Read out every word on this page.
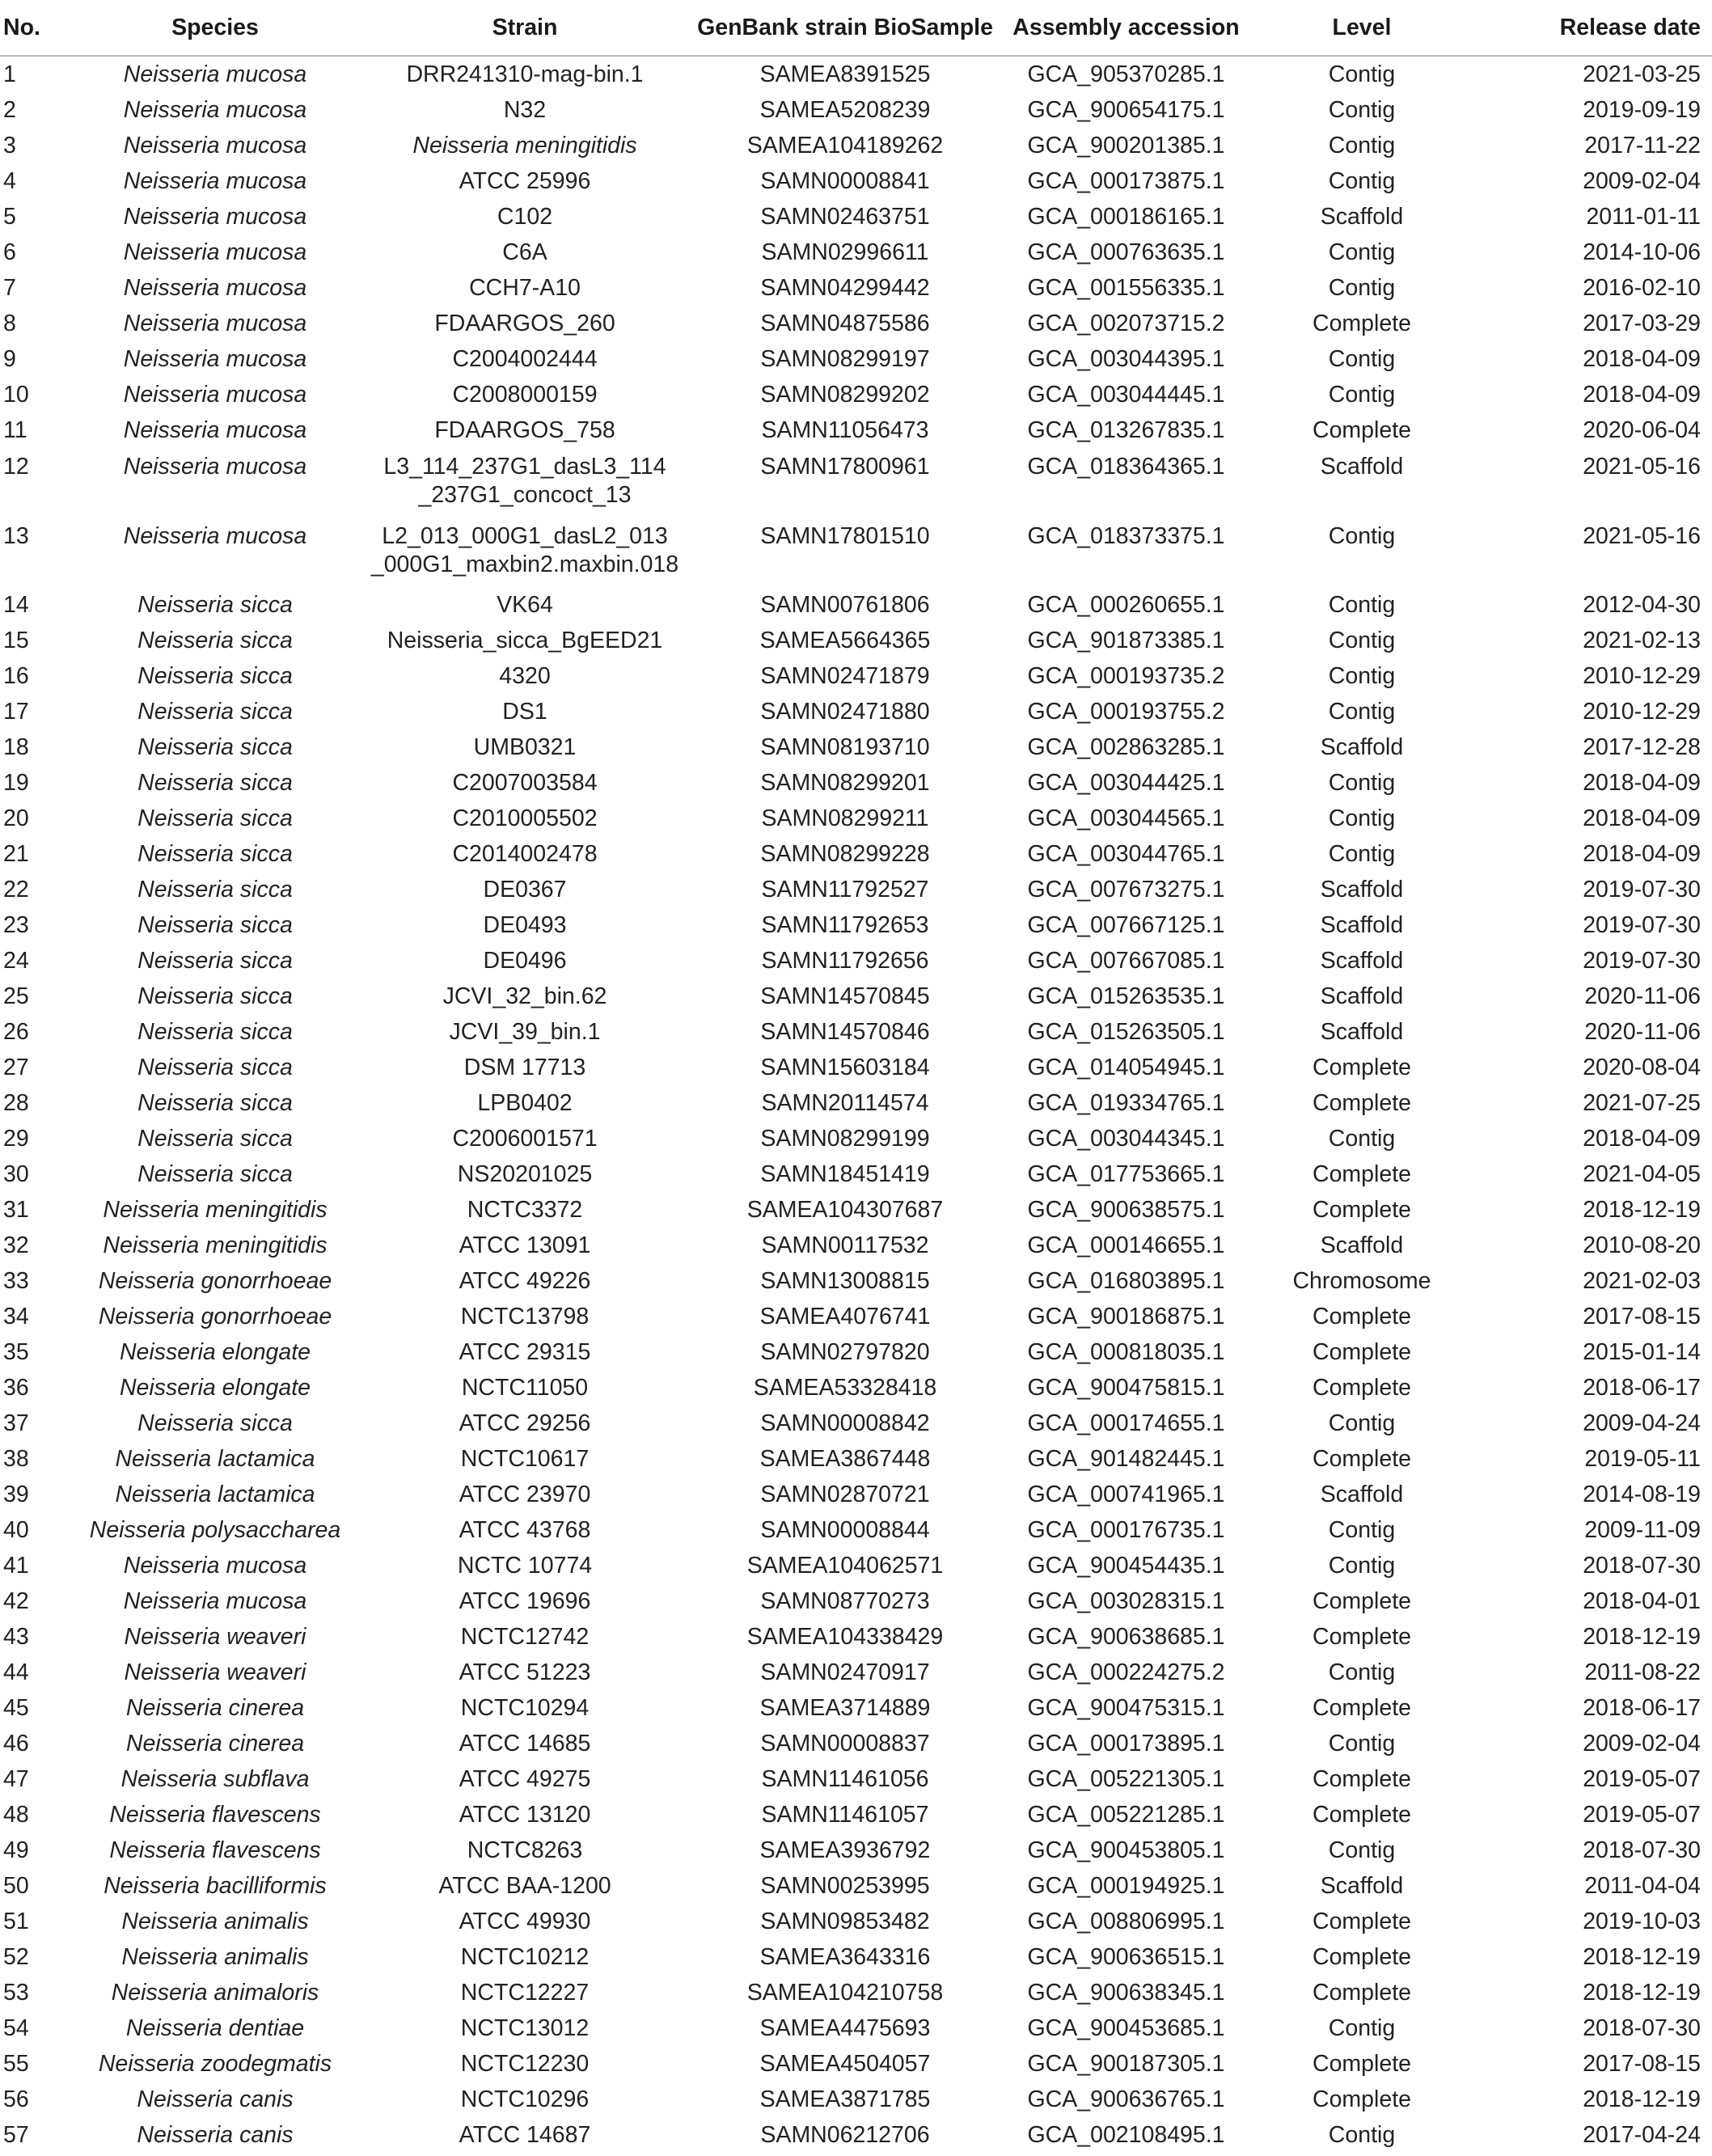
No.	Species	Strain	GenBank strain BioSample	Assembly accession	Level	Release date
1	Neisseria mucosa	DRR241310-mag-bin.1	SAMEA8391525	GCA_905370285.1	Contig	2021-03-25
2	Neisseria mucosa	N32	SAMEA5208239	GCA_900654175.1	Contig	2019-09-19
3	Neisseria mucosa	Neisseria meningitidis	SAMEA104189262	GCA_900201385.1	Contig	2017-11-22
4	Neisseria mucosa	ATCC 25996	SAMN00008841	GCA_000173875.1	Contig	2009-02-04
5	Neisseria mucosa	C102	SAMN02463751	GCA_000186165.1	Scaffold	2011-01-11
6	Neisseria mucosa	C6A	SAMN02996611	GCA_000763635.1	Contig	2014-10-06
7	Neisseria mucosa	CCH7-A10	SAMN04299442	GCA_001556335.1	Contig	2016-02-10
8	Neisseria mucosa	FDAARGOS_260	SAMN04875586	GCA_002073715.2	Complete	2017-03-29
9	Neisseria mucosa	C2004002444	SAMN08299197	GCA_003044395.1	Contig	2018-04-09
10	Neisseria mucosa	C2008000159	SAMN08299202	GCA_003044445.1	Contig	2018-04-09
11	Neisseria mucosa	FDAARGOS_758	SAMN11056473	GCA_013267835.1	Complete	2020-06-04
12	Neisseria mucosa	L3_114_237G1_dasL3_114 _237G1_concoct_13	SAMN17800961	GCA_018364365.1	Scaffold	2021-05-16
13	Neisseria mucosa	L2_013_000G1_dasL2_013 _000G1_maxbin2.maxbin.018	SAMN17801510	GCA_018373375.1	Contig	2021-05-16
14	Neisseria sicca	VK64	SAMN00761806	GCA_000260655.1	Contig	2012-04-30
15	Neisseria sicca	Neisseria_sicca_BgEED21	SAMEA5664365	GCA_901873385.1	Contig	2021-02-13
16	Neisseria sicca	4320	SAMN02471879	GCA_000193735.2	Contig	2010-12-29
17	Neisseria sicca	DS1	SAMN02471880	GCA_000193755.2	Contig	2010-12-29
18	Neisseria sicca	UMB0321	SAMN08193710	GCA_002863285.1	Scaffold	2017-12-28
19	Neisseria sicca	C2007003584	SAMN08299201	GCA_003044425.1	Contig	2018-04-09
20	Neisseria sicca	C2010005502	SAMN08299211	GCA_003044565.1	Contig	2018-04-09
21	Neisseria sicca	C2014002478	SAMN08299228	GCA_003044765.1	Contig	2018-04-09
22	Neisseria sicca	DE0367	SAMN11792527	GCA_007673275.1	Scaffold	2019-07-30
23	Neisseria sicca	DE0493	SAMN11792653	GCA_007667125.1	Scaffold	2019-07-30
24	Neisseria sicca	DE0496	SAMN11792656	GCA_007667085.1	Scaffold	2019-07-30
25	Neisseria sicca	JCVI_32_bin.62	SAMN14570845	GCA_015263535.1	Scaffold	2020-11-06
26	Neisseria sicca	JCVI_39_bin.1	SAMN14570846	GCA_015263505.1	Scaffold	2020-11-06
27	Neisseria sicca	DSM 17713	SAMN15603184	GCA_014054945.1	Complete	2020-08-04
28	Neisseria sicca	LPB0402	SAMN20114574	GCA_019334765.1	Complete	2021-07-25
29	Neisseria sicca	C2006001571	SAMN08299199	GCA_003044345.1	Contig	2018-04-09
30	Neisseria sicca	NS20201025	SAMN18451419	GCA_017753665.1	Complete	2021-04-05
31	Neisseria meningitidis	NCTC3372	SAMEA104307687	GCA_900638575.1	Complete	2018-12-19
32	Neisseria meningitidis	ATCC 13091	SAMN00117532	GCA_000146655.1	Scaffold	2010-08-20
33	Neisseria gonorrhoeae	ATCC 49226	SAMN13008815	GCA_016803895.1	Chromosome	2021-02-03
34	Neisseria gonorrhoeae	NCTC13798	SAMEA4076741	GCA_900186875.1	Complete	2017-08-15
35	Neisseria elongate	ATCC 29315	SAMN02797820	GCA_000818035.1	Complete	2015-01-14
36	Neisseria elongate	NCTC11050	SAMEA53328418	GCA_900475815.1	Complete	2018-06-17
37	Neisseria sicca	ATCC 29256	SAMN00008842	GCA_000174655.1	Contig	2009-04-24
38	Neisseria lactamica	NCTC10617	SAMEA3867448	GCA_901482445.1	Complete	2019-05-11
39	Neisseria lactamica	ATCC 23970	SAMN02870721	GCA_000741965.1	Scaffold	2014-08-19
40	Neisseria polysaccharea	ATCC 43768	SAMN00008844	GCA_000176735.1	Contig	2009-11-09
41	Neisseria mucosa	NCTC 10774	SAMEA104062571	GCA_900454435.1	Contig	2018-07-30
42	Neisseria mucosa	ATCC 19696	SAMN08770273	GCA_003028315.1	Complete	2018-04-01
43	Neisseria weaveri	NCTC12742	SAMEA104338429	GCA_900638685.1	Complete	2018-12-19
44	Neisseria weaveri	ATCC 51223	SAMN02470917	GCA_000224275.2	Contig	2011-08-22
45	Neisseria cinerea	NCTC10294	SAMEA3714889	GCA_900475315.1	Complete	2018-06-17
46	Neisseria cinerea	ATCC 14685	SAMN00008837	GCA_000173895.1	Contig	2009-02-04
47	Neisseria subflava	ATCC 49275	SAMN11461056	GCA_005221305.1	Complete	2019-05-07
48	Neisseria flavescens	ATCC 13120	SAMN11461057	GCA_005221285.1	Complete	2019-05-07
49	Neisseria flavescens	NCTC8263	SAMEA3936792	GCA_900453805.1	Contig	2018-07-30
50	Neisseria bacilliformis	ATCC BAA-1200	SAMN00253995	GCA_000194925.1	Scaffold	2011-04-04
51	Neisseria animalis	ATCC 49930	SAMN09853482	GCA_008806995.1	Complete	2019-10-03
52	Neisseria animalis	NCTC10212	SAMEA3643316	GCA_900636515.1	Complete	2018-12-19
53	Neisseria animaloris	NCTC12227	SAMEA104210758	GCA_900638345.1	Complete	2018-12-19
54	Neisseria dentiae	NCTC13012	SAMEA4475693	GCA_900453685.1	Contig	2018-07-30
55	Neisseria zoodegmatis	NCTC12230	SAMEA4504057	GCA_900187305.1	Complete	2017-08-15
56	Neisseria canis	NCTC10296	SAMEA3871785	GCA_900636765.1	Complete	2018-12-19
57	Neisseria canis	ATCC 14687	SAMN06212706	GCA_002108495.1	Contig	2017-04-24
